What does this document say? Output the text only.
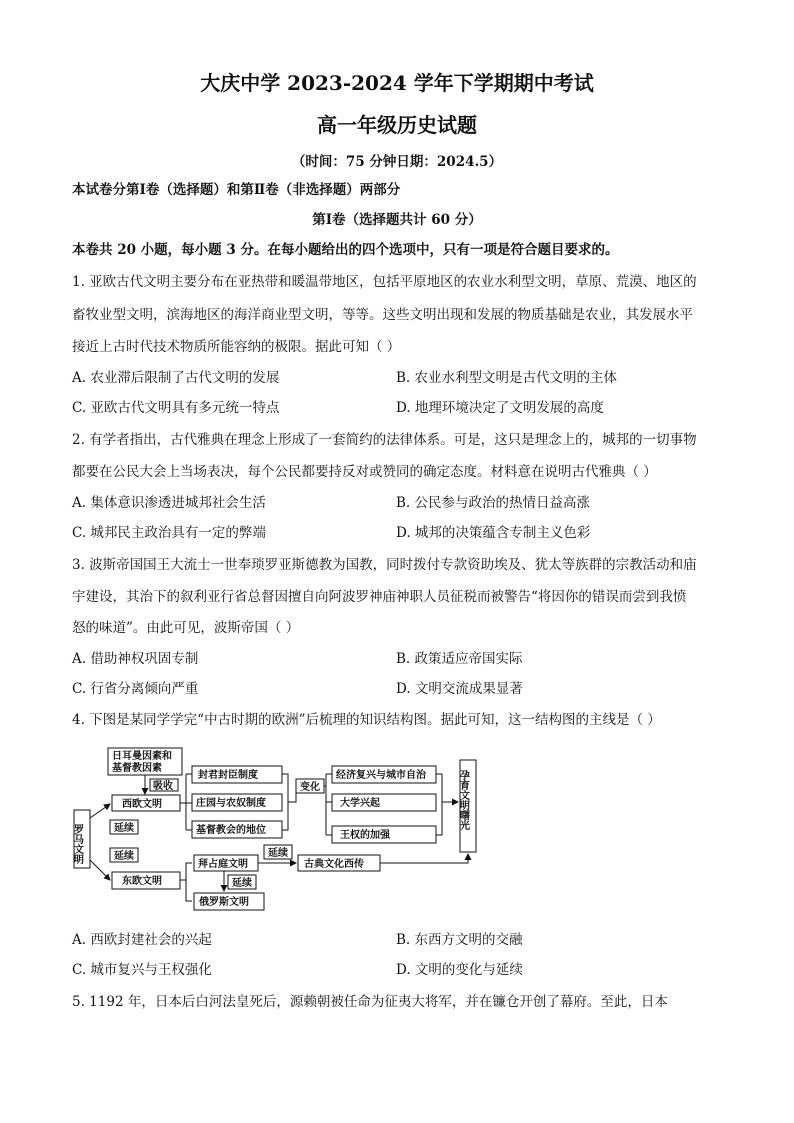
大庆中学 2023-2024 学年下学期期中考试
高一年级历史试题
（时间：75 分钟日期：2024.5）
本试卷分第Ⅰ卷（选择题）和第Ⅱ卷（非选择题）两部分
第Ⅰ卷（选择题共计 60 分）
本卷共 20 小题，每小题 3 分。在每小题给出的四个选项中，只有一项是符合题目要求的。
1. 亚欧古代文明主要分布在亚热带和暖温带地区，包括平原地区的农业水利型文明，草原、荒漠、地区的
畜牧业型文明，滨海地区的海洋商业型文明，等等。这些文明出现和发展的物质基础是农业，其发展水平
接近上古时代技术物质所能容纳的极限。据此可知（ ）
A. 农业滞后限制了古代文明的发展	B. 农业水利型文明是古代文明的主体
C. 亚欧古代文明具有多元统一特点	D. 地理环境决定了文明发展的高度
2. 有学者指出，古代雅典在理念上形成了一套简约的法律体系。可是，这只是理念上的，城邦的一切事物
都要在公民大会上当场表决，每个公民都要持反对或赞同的确定态度。材料意在说明古代雅典（ ）
A. 集体意识渗透进城邦社会生活	B. 公民参与政治的热情日益高涨
C. 城邦民主政治具有一定的弊端	D. 城邦的决策蕴含专制主义色彩
3. 波斯帝国国王大流士一世奉琐罗亚斯德教为国教，同时拨付专款资助埃及、犹太等族群的宗教活动和庙
宇建设，其治下的叙利亚行省总督因擅自向阿波罗神庙神职人员征税而被警告“将因你的错误而尝到我愤
怒的味道”。由此可见，波斯帝国（ ）
A. 借助神权巩固专制	B. 政策适应帝国实际
C. 行省分离倾向严重	D. 文明交流成果显著
4. 下图是某同学学完“中古时期的欧洲”后梳理的知识结构图。据此可知，这一结构图的主线是（ ）
日耳曼因素和
基督教因素
吸收
西欧文明
封君封臣制度
庄园与农奴制度
基督教会的地位
变化
经济复兴与城市自治
大学兴起
王权的加强
罗马文明	延续
延续
东欧文明
拜占庭文明
延续
古典文化西传
延续
俄罗斯文明
孕育文明曙光
A. 西欧封建社会的兴起	B. 东西方文明的交融
C. 城市复兴与王权强化	D. 文明的变化与延续
5. 1192 年，日本后白河法皇死后，源赖朝被任命为征夷大将军，并在镰仓开创了幕府。至此，日本
